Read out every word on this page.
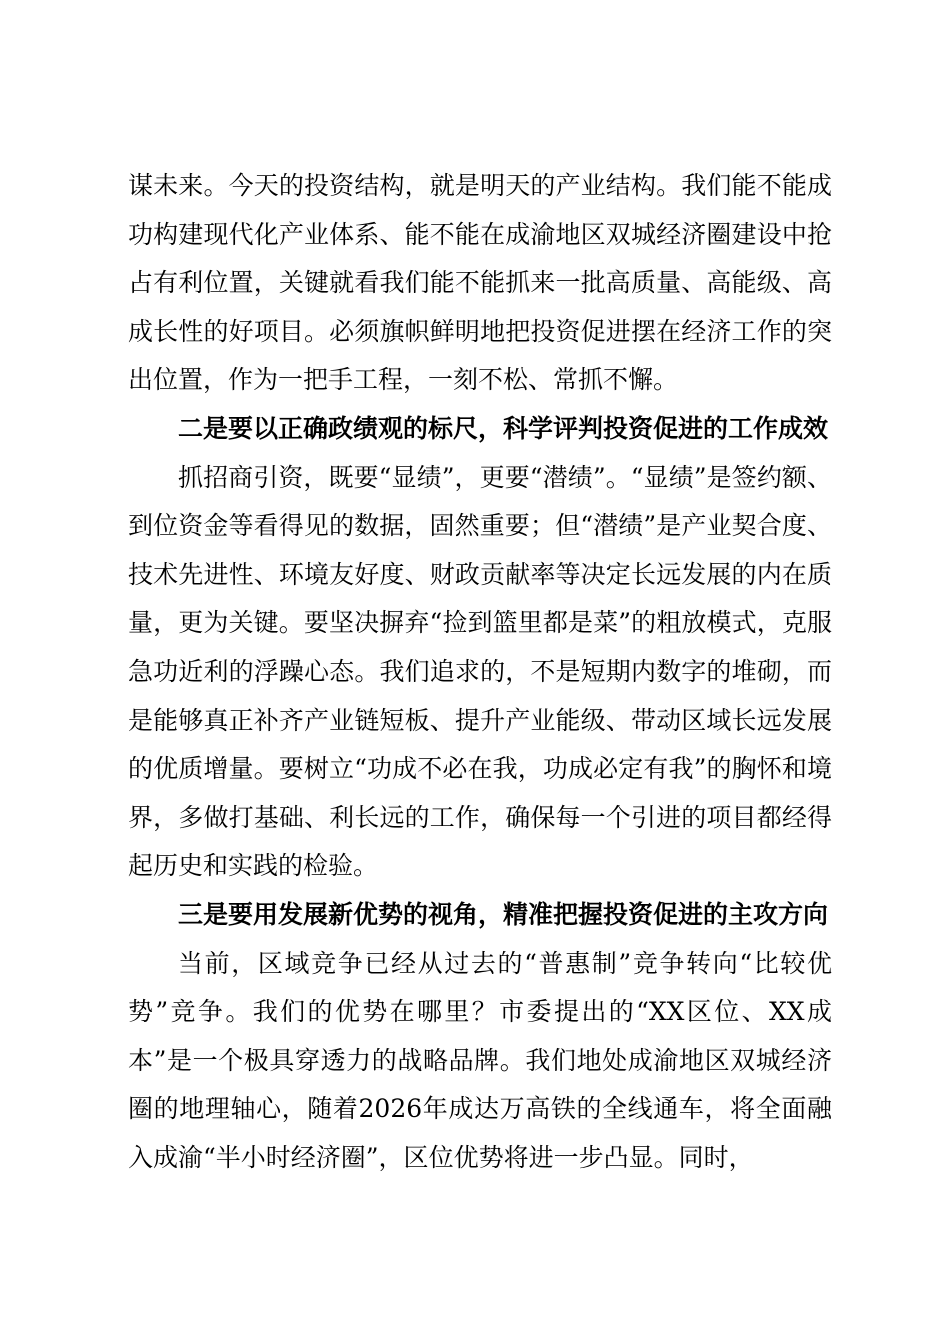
谋未来。今天的投资结构，就是明天的产业结构。我们能不能成功构建现代化产业体系、能不能在成渝地区双城经济圈建设中抢占有利位置，关键就看我们能不能抓来一批高质量、高能级、高成长性的好项目。必须旗帜鲜明地把投资促进摆在经济工作的突出位置，作为一把手工程，一刻不松、常抓不懈。

二是要以正确政绩观的标尺，科学评判投资促进的工作成效

抓招商引资，既要“显绩”，更要“潜绩”。“显绩”是签约额、到位资金等看得见的数据，固然重要；但“潜绩”是产业契合度、技术先进性、环境友好度、财政贡献率等决定长远发展的内在质量，更为关键。要坚决摒弃“捡到篮里都是菜”的粗放模式，克服急功近利的浮躁心态。我们追求的，不是短期内数字的堆砌，而是能够真正补齐产业链短板、提升产业能级、带动区域长远发展的优质增量。要树立“功成不必在我，功成必定有我”的胸怀和境界，多做打基础、利长远的工作，确保每一个引进的项目都经得起历史和实践的检验。

三是要用发展新优势的视角，精准把握投资促进的主攻方向

当前，区域竞争已经从过去的“普惠制”竞争转向“比较优势”竞争。我们的优势在哪里？市委提出的“XX区位、XX成本”是一个极具穿透力的战略品牌。我们地处成渝地区双城经济圈的地理轴心，随着2026年成达万高铁的全线通车，将全面融入成渝“半小时经济圈”，区位优势将进一步凸显。同时，
